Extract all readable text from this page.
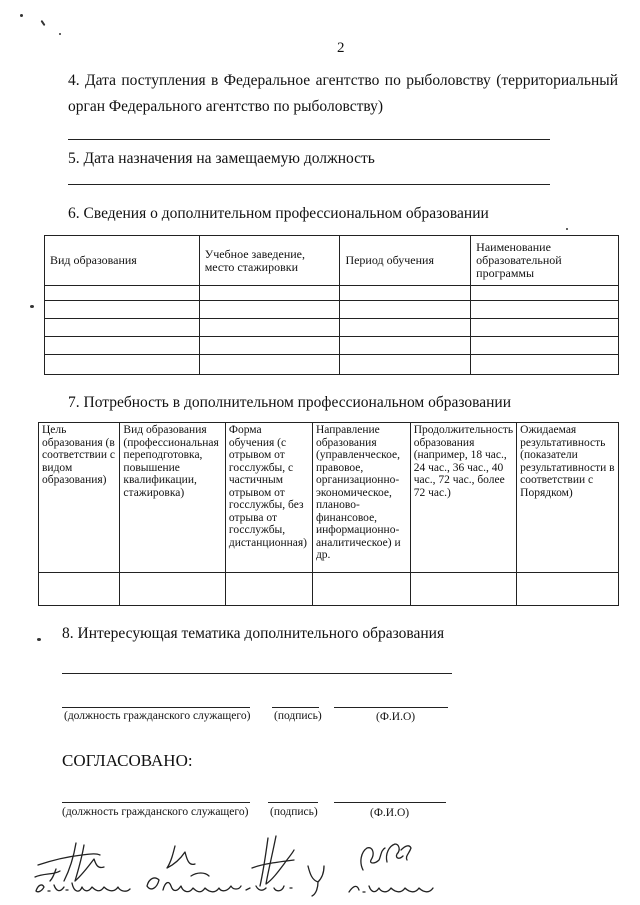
2
4. Дата поступления в Федеральное агентство по рыболовству (территориальный
орган Федерального агентство по рыболовству)
5. Дата назначения на замещаемую должность
6. Сведения о дополнительном профессиональном образовании
Вид образования	Учебное заведение, место стажировки	Период обучения	Наименование образовательной программы

7. Потребность в дополнительном профессиональном образовании
Цель образования (в соответствии с видом образования)	Вид образования (профессиональная переподготовка, повышение квалификации, стажировка)	Форма обучения (с отрывом от госслужбы, с частичным отрывом от госслужбы, без отрыва от госслужбы, дистанционная)	Направление образования (управленческое, правовое, организационно-экономическое, планово-финансовое, информационно-аналитическое) и др.	Продолжительность образования (например, 18 час., 24 час., 36 час., 40 час., 72 час., более 72 час.)	Ожидаемая результативность (показатели результативности в соответствии с Порядком)

8. Интересующая тематика дополнительного образования
(должность гражданского служащего) (подпись)	(Ф.И.О)
СОГЛАСОВАНО:
(должность гражданского служащего) (подпись)	(Ф.И.О)
